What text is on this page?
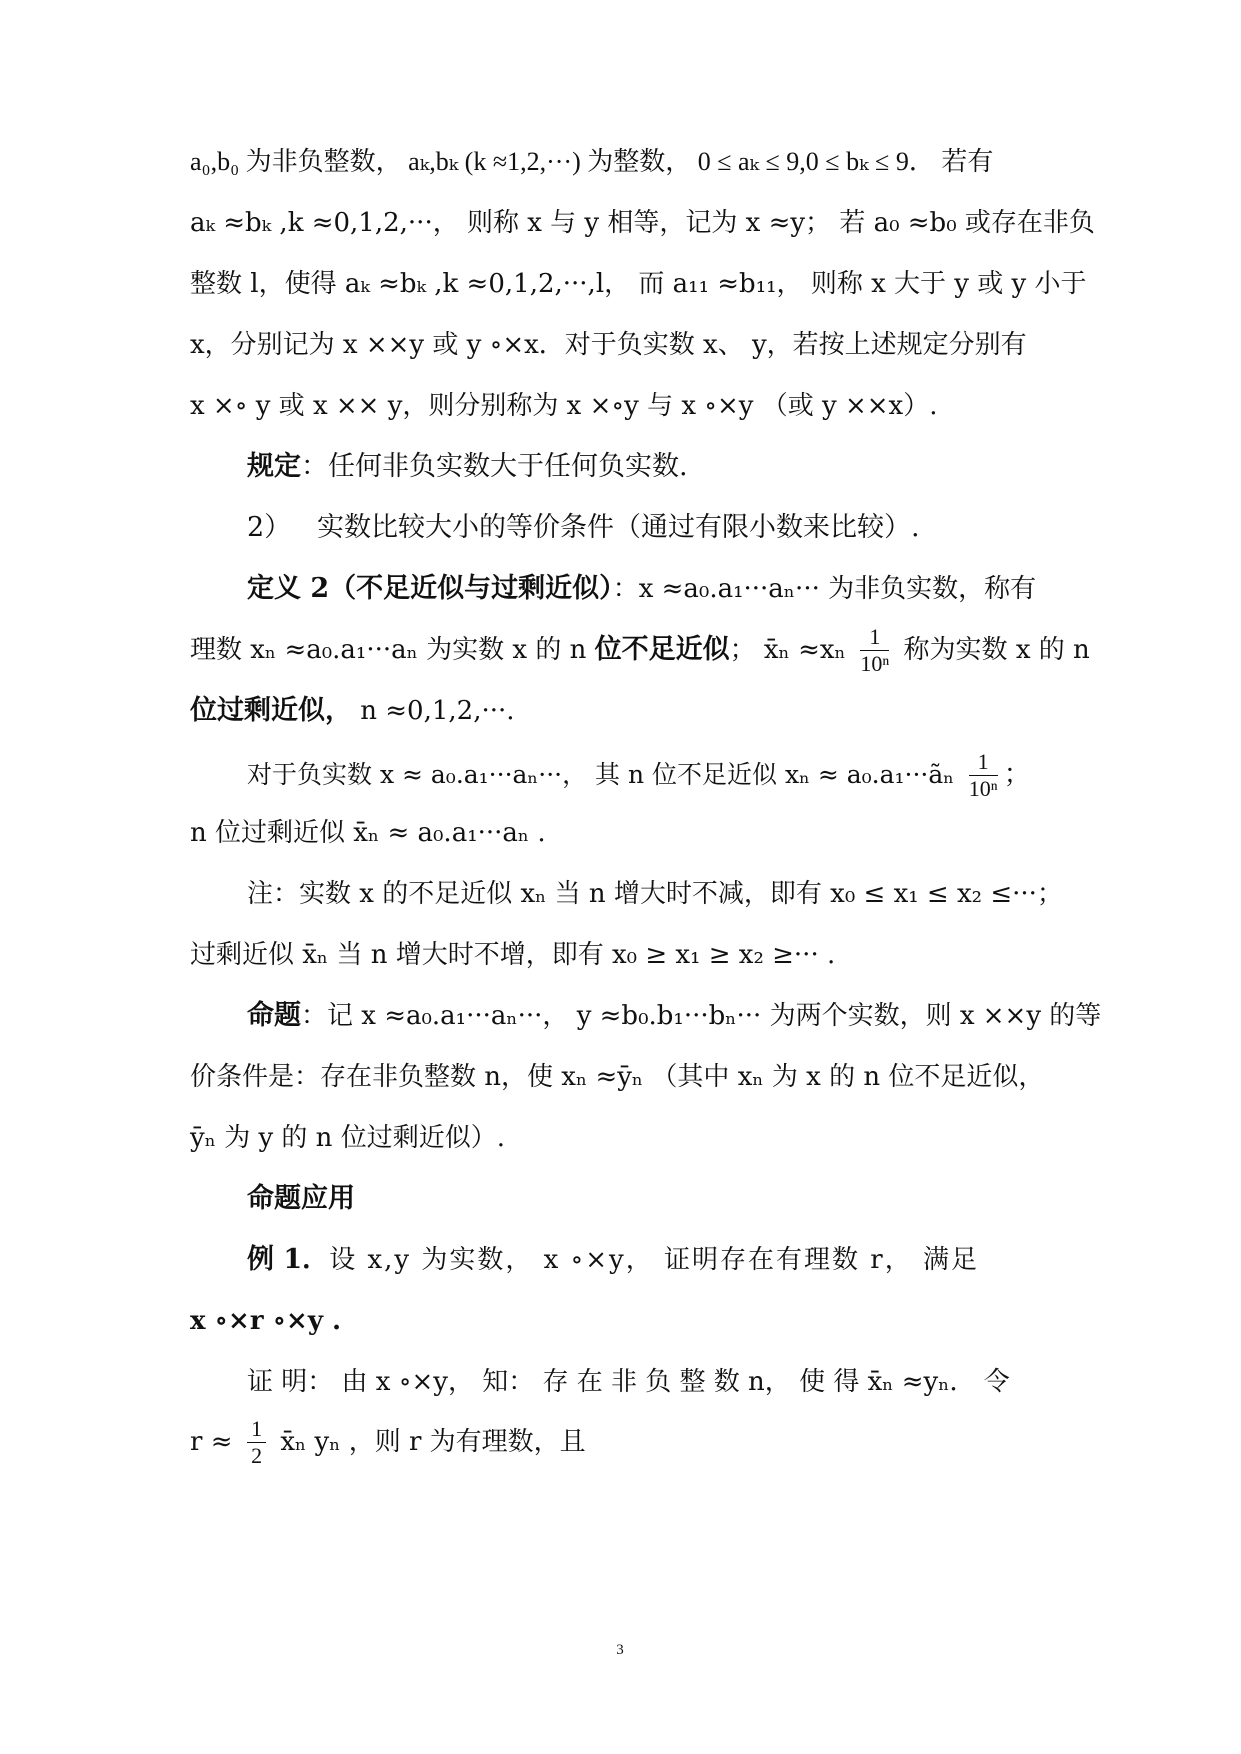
a₀,b₀ 为非负整数， aₖ,bₖ (k ≈1,2,···) 为整数， 0 ≤ aₖ ≤ 9,0 ≤ bₖ ≤ 9． 若有
aₖ ≈bₖ ,k ≈0,1,2,···， 则称 x 与 y 相等，记为 x ≈y； 若 a₀ ≈b₀ 或存在非负
整数 l，使得 aₖ ≈bₖ ,k ≈0,1,2,···,l， 而 a₁₁ ≈b₁₁， 则称 x 大于 y 或 y 小于
x，分别记为 x ××y 或 y ∘×x．对于负实数 x、 y，若按上述规定分别有
x ×∘ y 或 x ×× y，则分别称为 x ×∘y 与 x ∘×y （或 y ××x）.
规定：任何非负实数大于任何负实数.
2） 实数比较大小的等价条件（通过有限小数来比较）.
定义 2（不足近似与过剩近似）：x ≈a₀.a₁···aₙ··· 为非负实数，称有
理数 xₙ ≈a₀.a₁···aₙ 为实数 x 的 n 位不足近似； x̄ₙ $\approx x_n \frac{1}{\text{10ⁿ}}$ 称为实数 x 的 n
位过剩近似， n ≈0,1,2,···.
对于负实数 x ≈ a₀.a₁···aₙ···， 其 n 位不足近似 xₙ ≈ a₀.a₁···ãₙ $\frac{1}{\text{10ⁿ}}$ ；
n 位过剩近似 x̄ₙ ≈ a₀.a₁···aₙ .
注：实数 x 的不足近似 xₙ 当 n 增大时不减，即有 x₀ ≤ x₁ ≤ x₂ ≤···；
过剩近似 x̄ₙ 当 n 增大时不增，即有 x₀ ≥ x₁ ≥ x₂ ≥··· .
命题：记 x ≈a₀.a₁···aₙ···， y ≈b₀.b₁···bₙ··· 为两个实数，则 x ××y 的等
价条件是：存在非负整数 n，使 xₙ ≈ȳₙ （其中 xₙ 为 x 的 n 位不足近似，
ȳₙ 为 y 的 n 位过剩近似）.
命题应用
例 1．设 x,y 为实数， x ∘×y， 证明存在有理数 r， 满足
x ∘×r ∘×y .
证 明： 由 x ∘×y， 知： 存 在 非 负 整 数 n， 使 得 x̄ₙ ≈yₙ． 令
$r \approx \frac{1}{2}$ x̄ₙ yₙ ，则 r 为有理数，且
3
